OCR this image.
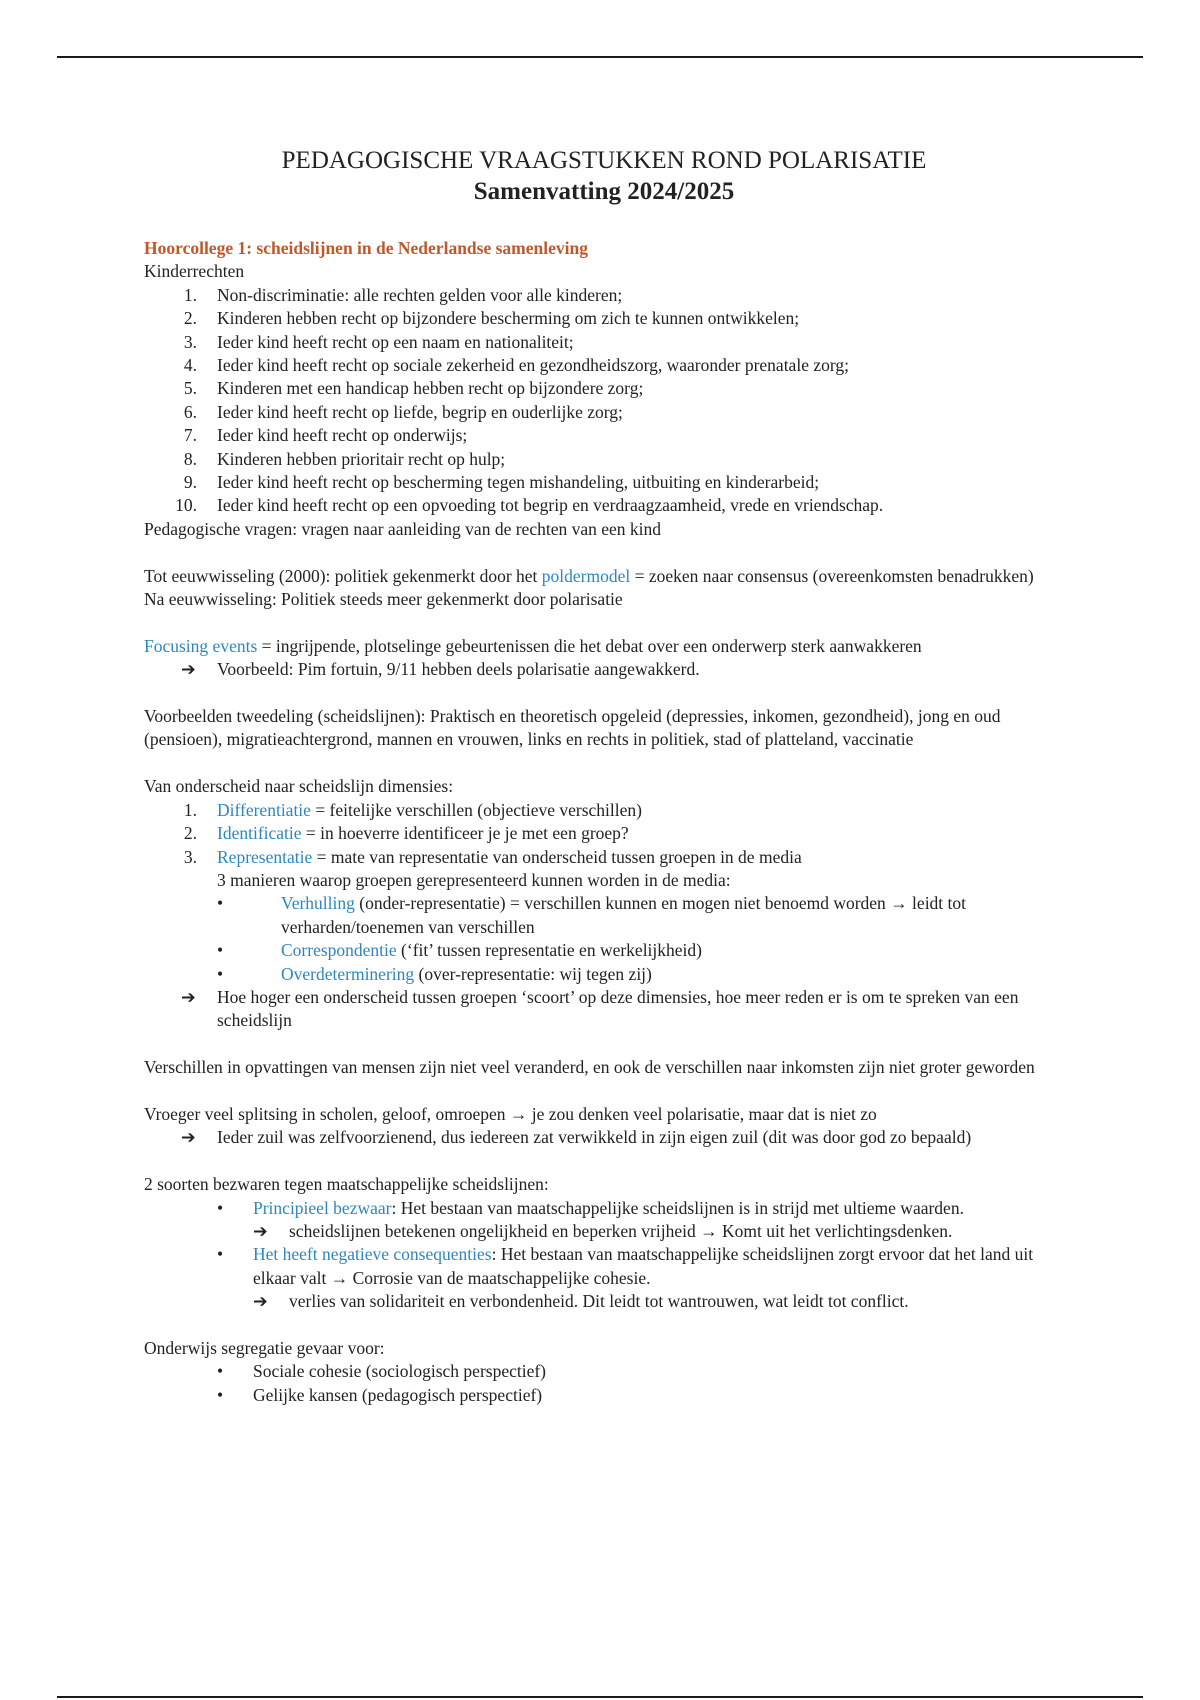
PEDAGOGISCHE VRAAGSTUKKEN ROND POLARISATIE
Samenvatting 2024/2025

Hoorcollege 1: scheidslijnen in de Nederlandse samenleving

Kinderrechten

1. Non-discriminatie: alle rechten gelden voor alle kinderen;
2. Kinderen hebben recht op bijzondere bescherming om zich te kunnen ontwikkelen;
3. Ieder kind heeft recht op een naam en nationaliteit;
4. Ieder kind heeft recht op sociale zekerheid en gezondheidszorg, waaronder prenatale zorg;
5. Kinderen met een handicap hebben recht op bijzondere zorg;
6. Ieder kind heeft recht op liefde, begrip en ouderlijke zorg;
7. Ieder kind heeft recht op onderwijs;
8. Kinderen hebben prioritair recht op hulp;
9. Ieder kind heeft recht op bescherming tegen mishandeling, uitbuiting en kinderarbeid;
10. Ieder kind heeft recht op een opvoeding tot begrip en verdraagzaamheid, vrede en vriendschap.

Pedagogische vragen: vragen naar aanleiding van de rechten van een kind

Tot eeuwwisseling (2000): politiek gekenmerkt door het poldermodel = zoeken naar consensus (overeenkomsten benadrukken)

Na eeuwwisseling: Politiek steeds meer gekenmerkt door polarisatie

Focusing events = ingrijpende, plotselinge gebeurtenissen die het debat over een onderwerp sterk aanwakkeren

➔ Voorbeeld: Pim fortuin, 9/11 hebben deels polarisatie aangewakkerd.

Voorbeelden tweedeling (scheidslijnen): Praktisch en theoretisch opgeleid (depressies, inkomen, gezondheid), jong en oud (pensioen), migratieachtergrond, mannen en vrouwen, links en rechts in politiek, stad of platteland, vaccinatie

Van onderscheid naar scheidslijn dimensies:

1. Differentiatie = feitelijke verschillen (objectieve verschillen)
2. Identificatie = in hoeverre identificeer je je met een groep?
3. Representatie = mate van representatie van onderscheid tussen groepen in de media

3 manieren waarop groepen gerepresenteerd kunnen worden in de media:

•	Verhulling (onder-representatie) = verschillen kunnen en mogen niet benoemd worden → leidt tot verharden/toenemen van verschillen
•	Correspondentie (‘fit’ tussen representatie en werkelijkheid)
•	Overdeterminering (over-representatie: wij tegen zij)
➔ Hoe hoger een onderscheid tussen groepen ‘scoort’ op deze dimensies, hoe meer reden er is om te spreken van een scheidslijn

Verschillen in opvattingen van mensen zijn niet veel veranderd, en ook de verschillen naar inkomsten zijn niet groter geworden

Vroeger veel splitsing in scholen, geloof, omroepen → je zou denken veel polarisatie, maar dat is niet zo

➔ Ieder zuil was zelfvoorzienend, dus iedereen zat verwikkeld in zijn eigen zuil (dit was door god zo bepaald)

2 soorten bezwaren tegen maatschappelijke scheidslijnen:

• Principieel bezwaar: Het bestaan van maatschappelijke scheidslijnen is in strijd met ultieme waarden.
➔ scheidslijnen betekenen ongelijkheid en beperken vrijheid → Komt uit het verlichtingsdenken.
• Het heeft negatieve consequenties: Het bestaan van maatschappelijke scheidslijnen zorgt ervoor dat het land uit elkaar valt → Corrosie van de maatschappelijke cohesie.
➔ verlies van solidariteit en verbondenheid. Dit leidt tot wantrouwen, wat leidt tot conflict.

Onderwijs segregatie gevaar voor:

• Sociale cohesie (sociologisch perspectief)
• Gelijke kansen (pedagogisch perspectief)
